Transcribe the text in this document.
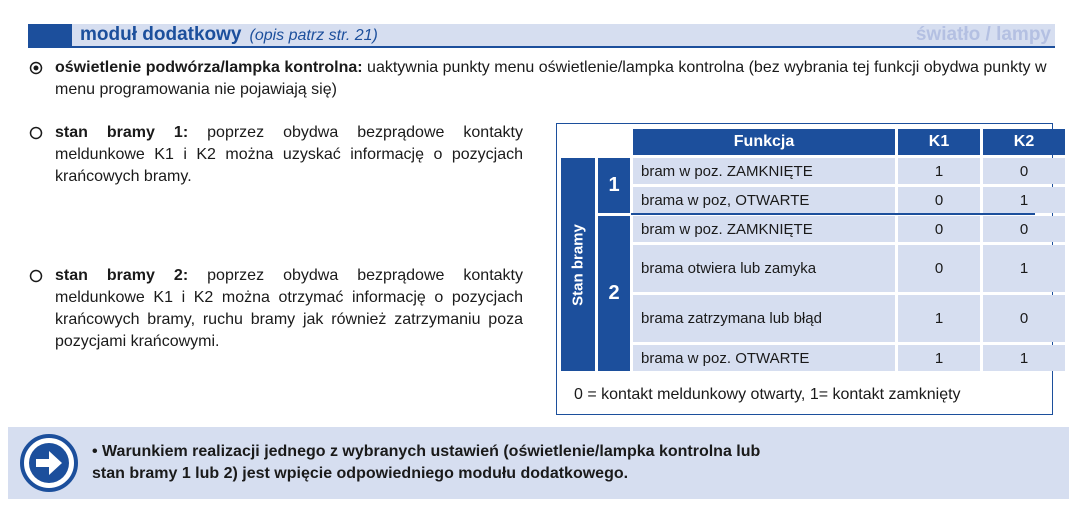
moduł dodatkowy (opis patrz str. 21)	światło / lampy
oświetlenie podwórza/lampka kontrolna: uaktywnia punkty menu oświetlenie/lampka kontrolna (bez wybrania tej funkcji obydwa punkty w menu programowania nie pojawiają się)
stan bramy 1: poprzez obydwa bezprądowe kontakty meldunkowe K1 i K2 można uzyskać informację o pozycjach krańcowych bramy.
stan bramy 2: poprzez obydwa bezprądowe kontakty meldunkowe K1 i K2 można otrzymać informację o pozycjach krańcowych bramy, ruchu bramy jak również zatrzymaniu poza pozycjami krańcowymi.
		Funkcja	K1	K2

Stan bramy	1	bram w poz. ZAMKNIĘTE	1	0
		brama w poz, OTWARTE	0	1
	2	bram w poz. ZAMKNIĘTE	0	0
		brama otwiera lub zamyka	0	1
		brama zatrzymana lub błąd	1	0
		brama w poz. OTWARTE	1	1
0 = kontakt meldunkowy otwarty, 1= kontakt zamknięty
• Warunkiem realizacji jednego z wybranych ustawień (oświetlenie/lampka kontrolna lub
stan bramy 1 lub 2) jest wpięcie odpowiedniego modułu dodatkowego.
